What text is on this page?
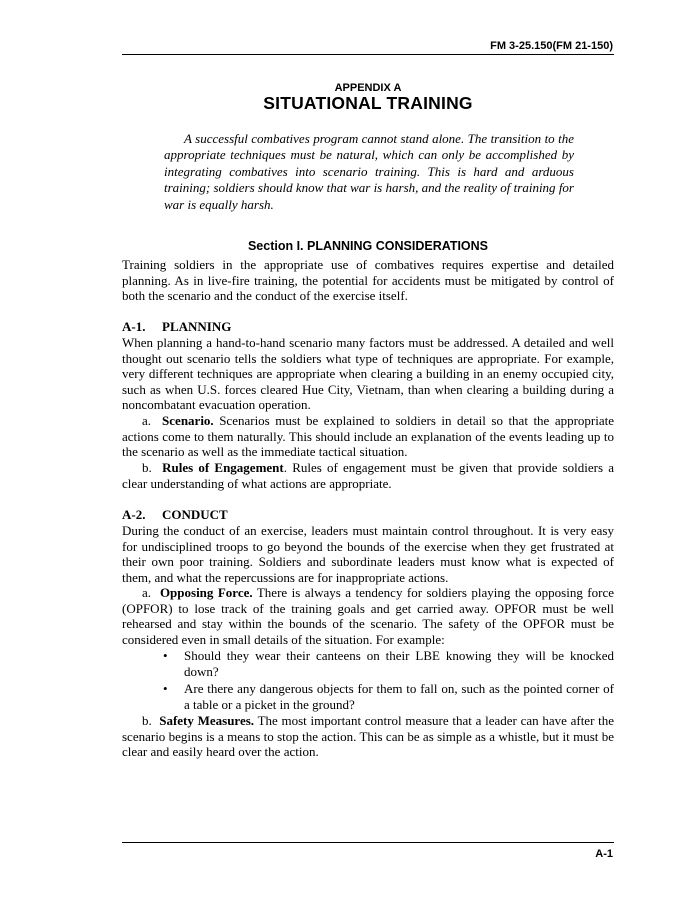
FM 3-25.150(FM 21-150)
APPENDIX A
SITUATIONAL TRAINING

A successful combatives program cannot stand alone. The transition to the appropriate techniques must be natural, which can only be accomplished by integrating combatives into scenario training. This is hard and arduous training; soldiers should know that war is harsh, and the reality of training for war is equally harsh.

Section I. PLANNING CONSIDERATIONS

Training soldiers in the appropriate use of combatives requires expertise and detailed planning. As in live-fire training, the potential for accidents must be mitigated by control of both the scenario and the conduct of the exercise itself.

A-1. PLANNING

When planning a hand-to-hand scenario many factors must be addressed. A detailed and well thought out scenario tells the soldiers what type of techniques are appropriate. For example, very different techniques are appropriate when clearing a building in an enemy occupied city, such as when U.S. forces cleared Hue City, Vietnam, than when clearing a building during a noncombatant evacuation operation.

a. Scenario. Scenarios must be explained to soldiers in detail so that the appropriate actions come to them naturally. This should include an explanation of the events leading up to the scenario as well as the immediate tactical situation.

b. Rules of Engagement. Rules of engagement must be given that provide soldiers a clear understanding of what actions are appropriate.

A-2. CONDUCT

During the conduct of an exercise, leaders must maintain control throughout. It is very easy for undisciplined troops to go beyond the bounds of the exercise when they get frustrated at their own poor training. Soldiers and subordinate leaders must know what is expected of them, and what the repercussions are for inappropriate actions.

a. Opposing Force. There is always a tendency for soldiers playing the opposing force (OPFOR) to lose track of the training goals and get carried away. OPFOR must be well rehearsed and stay within the bounds of the scenario. The safety of the OPFOR must be considered even in small details of the situation. For example:

• Should they wear their canteens on their LBE knowing they will be knocked down?
• Are there any dangerous objects for them to fall on, such as the pointed corner of a table or a picket in the ground?

b. Safety Measures. The most important control measure that a leader can have after the scenario begins is a means to stop the action. This can be as simple as a whistle, but it must be clear and easily heard over the action.

A-1
